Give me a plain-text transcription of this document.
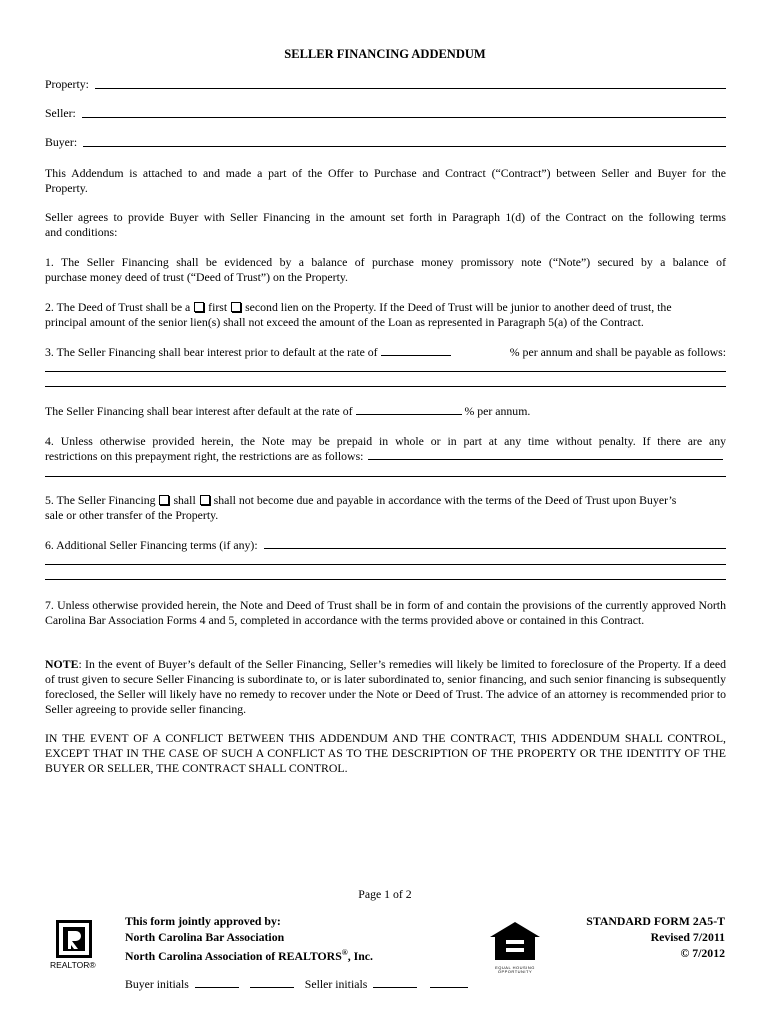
SELLER FINANCING ADDENDUM
Property:
Seller:
Buyer:
This Addendum is attached to and made a part of the Offer to Purchase and Contract (“Contract”) between Seller and Buyer for the
Property.
Seller agrees to provide Buyer with Seller Financing in the amount set forth in Paragraph 1(d) of the Contract on the following terms
and conditions:
1. The Seller Financing shall be evidenced by a balance of purchase money promissory note (“Note”) secured by a balance of
purchase money deed of trust (“Deed of Trust”) on the Property.
2. The Deed of Trust shall be a first second lien on the Property. If the Deed of Trust will be junior to another deed of trust, the
principal amount of the senior lien(s) shall not exceed the amount of the Loan as represented in Paragraph 5(a) of the Contract.
3. The Seller Financing shall bear interest prior to default at the rate of	% per annum and shall be payable as follows:
The Seller Financing shall bear interest after default at the rate of	% per annum.
4. Unless otherwise provided herein, the Note may be prepaid in whole or in part at any time without penalty. If there are any
restrictions on this prepayment right, the restrictions are as follows:
5. The Seller Financing shall shall not become due and payable in accordance with the terms of the Deed of Trust upon Buyer’s
sale or other transfer of the Property.
6. Additional Seller Financing terms (if any):
7. Unless otherwise provided herein, the Note and Deed of Trust shall be in form of and contain the provisions of the currently approved North Carolina Bar Association Forms 4 and 5, completed in accordance with the terms provided above or contained in this Contract.
NOTE: In the event of Buyer’s default of the Seller Financing, Seller’s remedies will likely be limited to foreclosure of the Property. If a deed of trust given to secure Seller Financing is subordinate to, or is later subordinated to, senior financing, and such senior financing is subsequently foreclosed, the Seller will likely have no remedy to recover under the Note or Deed of Trust. The advice of an attorney is recommended prior to Seller agreeing to provide seller financing.
IN THE EVENT OF A CONFLICT BETWEEN THIS ADDENDUM AND THE CONTRACT, THIS ADDENDUM SHALL CONTROL, EXCEPT THAT IN THE CASE OF SUCH A CONFLICT AS TO THE DESCRIPTION OF THE PROPERTY OR THE IDENTITY OF THE BUYER OR SELLER, THE CONTRACT SHALL CONTROL.
Page 1 of 2
REALTOR®
This form jointly approved by:
North Carolina Bar Association
North Carolina Association of REALTORS®, Inc.
EQUAL HOUSING OPPORTUNITY
STANDARD FORM 2A5-T
Revised 7/2011
© 7/2012
Buyer initials	Seller initials
